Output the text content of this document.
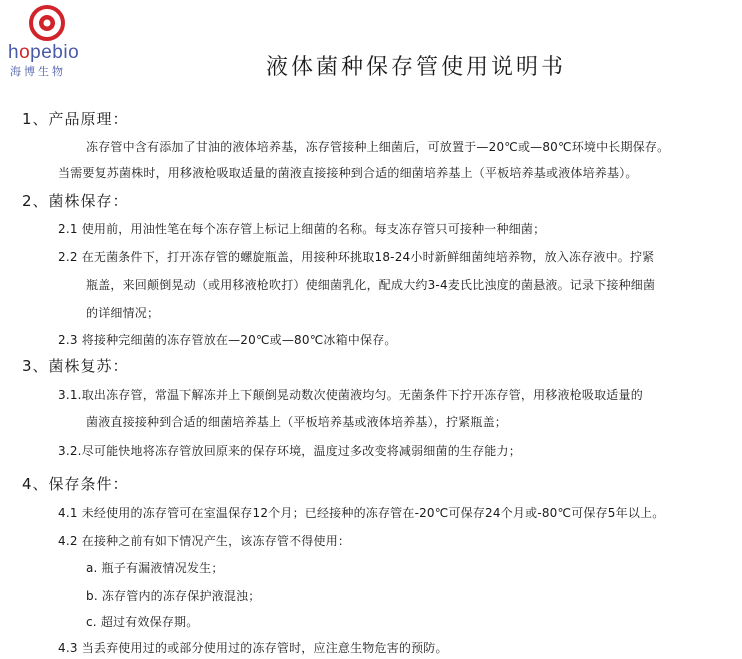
hopebio
海博生物	液体菌种保存管使用说明书
1、产品原理：
冻存管中含有添加了甘油的液体培养基，冻存管接种上细菌后，可放置于—20℃或—80℃环境中长期保存。
当需要复苏菌株时，用移液枪吸取适量的菌液直接接种到合适的细菌培养基上（平板培养基或液体培养基）。
2、菌株保存：
2.1 使用前，用油性笔在每个冻存管上标记上细菌的名称。每支冻存管只可接种一种细菌；
2.2 在无菌条件下，打开冻存管的螺旋瓶盖，用接种环挑取18-24小时新鲜细菌纯培养物，放入冻存液中。拧紧
瓶盖，来回颠倒晃动（或用移液枪吹打）使细菌乳化，配成大约3-4麦氏比浊度的菌悬液。记录下接种细菌
的详细情况；
2.3 将接种完细菌的冻存管放在—20℃或—80℃冰箱中保存。
3、菌株复苏：
3.1.取出冻存管，常温下解冻并上下颠倒晃动数次使菌液均匀。无菌条件下拧开冻存管，用移液枪吸取适量的
菌液直接接种到合适的细菌培养基上（平板培养基或液体培养基），拧紧瓶盖；
3.2.尽可能快地将冻存管放回原来的保存环境，温度过多改变将减弱细菌的生存能力；
4、保存条件：
4.1 未经使用的冻存管可在室温保存12个月；已经接种的冻存管在-20℃可保存24个月或-80℃可保存5年以上。
4.2 在接种之前有如下情况产生，该冻存管不得使用：
a. 瓶子有漏液情况发生；
b. 冻存管内的冻存保护液混浊；
c. 超过有效保存期。
4.3 当丢弃使用过的或部分使用过的冻存管时，应注意生物危害的预防。
